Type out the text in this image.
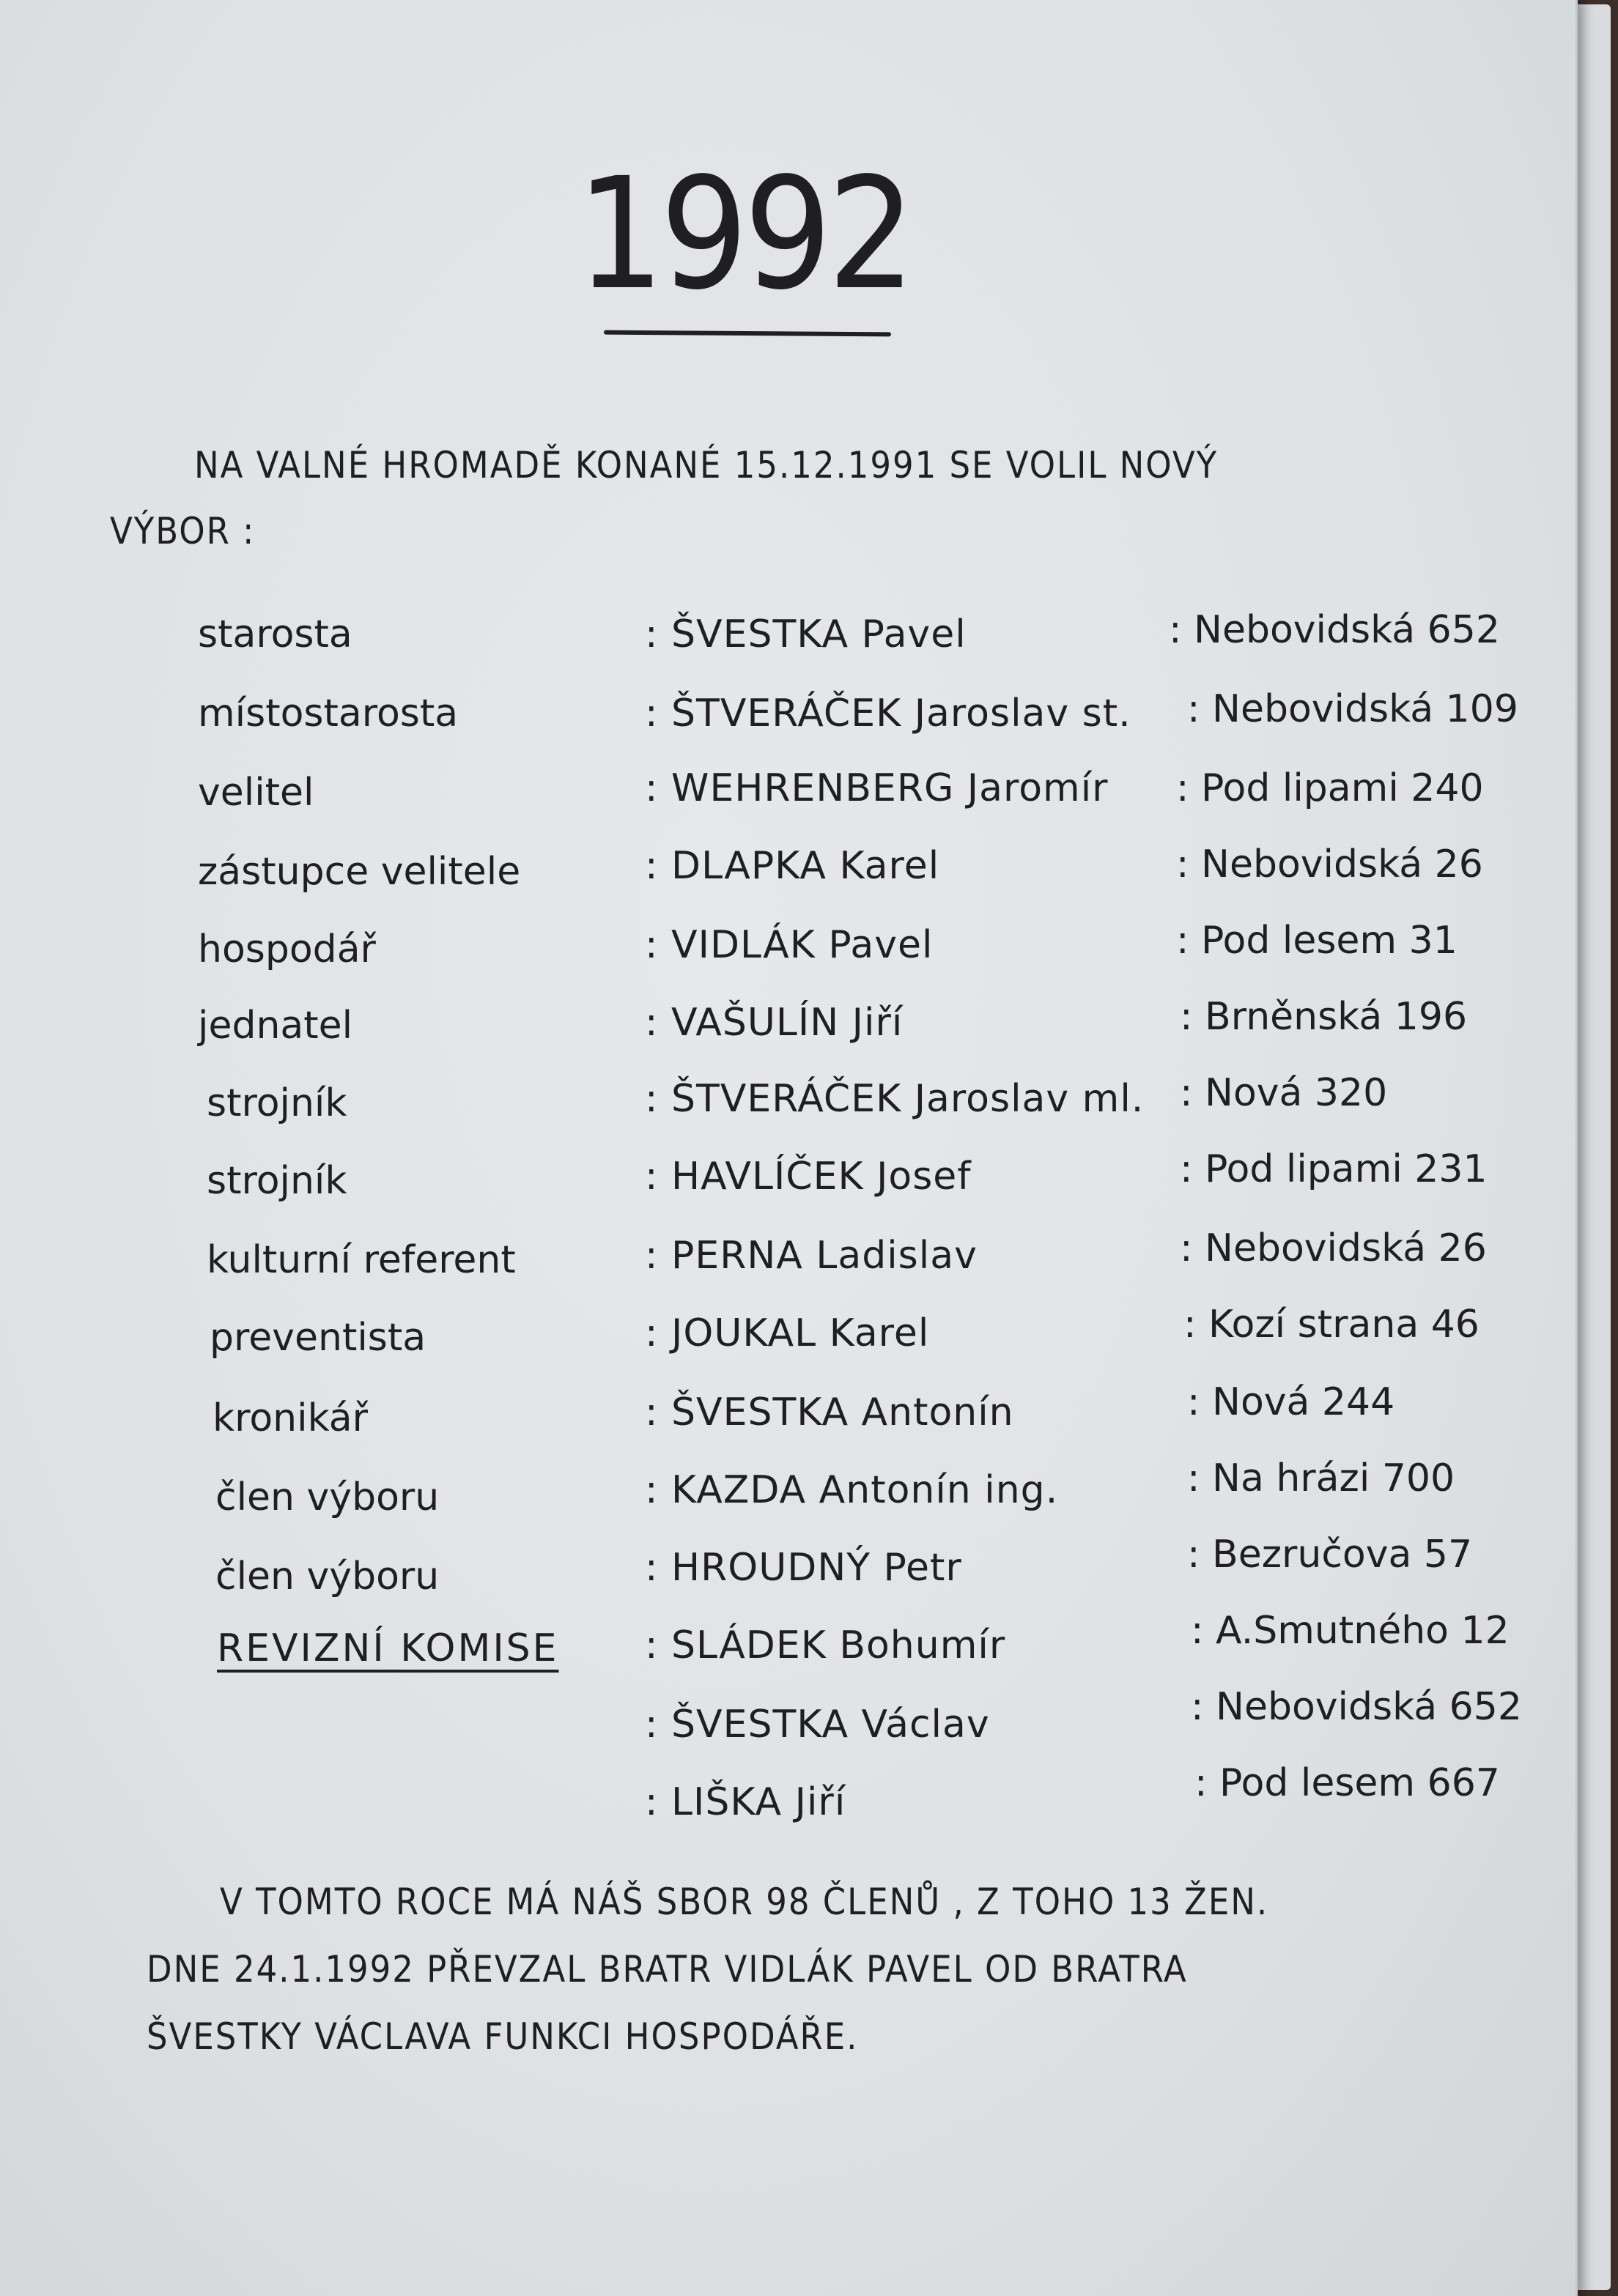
1992
NA VALNÉ HROMADĚ KONANÉ 15.12.1991 SE VOLIL NOVÝ
VÝBOR :
starosta	: ŠVESTKA Pavel	: Nebovidská 652
místostarosta	: ŠTVERÁČEK Jaroslav st. : Nebovidská 109
velitel	: WEHRENBERG Jaromír : Pod lipami 240
zástupce velitele	: DLAPKA Karel	: Nebovidská 26
hospodář	: VIDLÁK Pavel	: Pod lesem 31
jednatel	: VAŠULÍN Jiří	: Brněnská 196
strojník	: ŠTVERÁČEK Jaroslav ml. : Nová 320
strojník	: HAVLÍČEK Josef	: Pod lipami 231
kulturní referent	: PERNA Ladislav	: Nebovidská 26
preventista	: JOUKAL Karel	: Kozí strana 46
kronikář	: ŠVESTKA Antonín	: Nová 244
člen výboru	: KAZDA Antonín ing.	: Na hrázi 700
člen výboru	: HROUDNÝ Petr	: Bezručova 57
REVIZNÍ KOMISE : SLÁDEK Bohumír	: A.Smutného 12
: ŠVESTKA Václav	: Nebovidská 652
: LIŠKA Jiří	: Pod lesem 667
V TOMTO ROCE MÁ NÁŠ SBOR 98 ČLENŮ , Z TOHO 13 ŽEN.
DNE 24.1.1992 PŘEVZAL BRATR VIDLÁK PAVEL OD BRATRA
ŠVESTKY VÁCLAVA FUNKCI HOSPODÁŘE.
